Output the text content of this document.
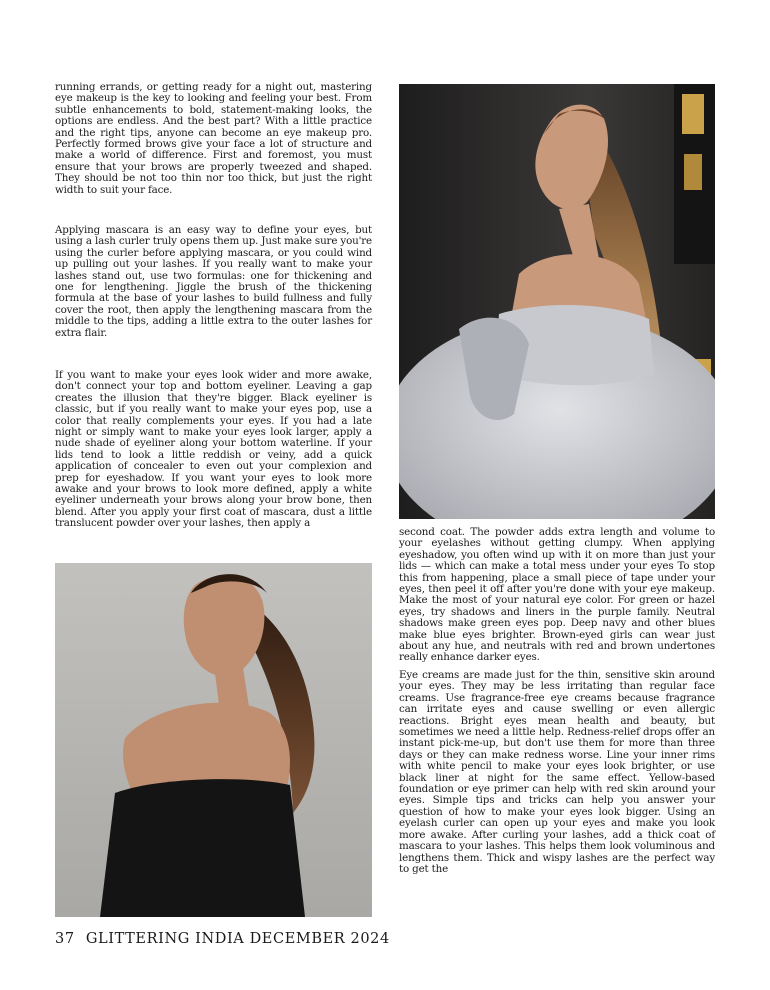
running errands, or getting ready for a night out, mastering eye makeup is the key to looking and feeling your best. From subtle enhancements to bold, statement-making looks, the options are endless. And the best part? With a little practice and the right tips, anyone can become an eye makeup pro. Perfectly formed brows give your face a lot of structure and make a world of difference. First and foremost, you must ensure that your brows are properly tweezed and shaped. They should be not too thin nor too thick, but just the right width to suit your face.

Applying mascara is an easy way to define your eyes, but using a lash curler truly opens them up. Just make sure you're using the curler before applying mascara, or you could wind up pulling out your lashes. If you really want to make your lashes stand out, use two formulas: one for thickening and one for lengthening. Jiggle the brush of the thickening formula at the base of your lashes to build fullness and fully cover the root, then apply the lengthening mascara from the middle to the tips, adding a little extra to the outer lashes for extra flair.

If you want to make your eyes look wider and more awake, don't connect your top and bottom eyeliner. Leaving a gap creates the illusion that they're bigger. Black eyeliner is classic, but if you really want to make your eyes pop, use a color that really complements your eyes. If you had a late night or simply want to make your eyes look larger, apply a nude shade of eyeliner along your bottom waterline. If your lids tend to look a little reddish or veiny, add a quick application of concealer to even out your complexion and prep for eyeshadow. If you want your eyes to look more awake and your brows to look more defined, apply a white eyeliner underneath your brows along your brow bone, then blend. After you apply your first coat of mascara, dust a little translucent powder over your lashes, then apply a

second coat. The powder adds extra length and volume to your eyelashes without getting clumpy. When applying eyeshadow, you often wind up with it on more than just your lids — which can make a total mess under your eyes To stop this from happening, place a small piece of tape under your eyes, then peel it off after you're done with your eye makeup. Make the most of your natural eye color. For green or hazel eyes, try shadows and liners in the purple family. Neutral shadows make green eyes pop. Deep navy and other blues make blue eyes brighter. Brown-eyed girls can wear just about any hue, and neutrals with red and brown undertones really enhance darker eyes.

Eye creams are made just for the thin, sensitive skin around your eyes. They may be less irritating than regular face creams. Use fragrance-free eye creams because fragrance can irritate eyes and cause swelling or even allergic reactions. Bright eyes mean health and beauty, but sometimes we need a little help. Redness-relief drops offer an instant pick-me-up, but don't use them for more than three days or they can make redness worse. Line your inner rims with white pencil to make your eyes look brighter, or use black liner at night for the same effect. Yellow-based foundation or eye primer can help with red skin around your eyes. Simple tips and tricks can help you answer your question of how to make your eyes look bigger. Using an eyelash curler can open up your eyes and make you look more awake. After curling your lashes, add a thick coat of mascara to your lashes. This helps them look voluminous and lengthens them. Thick and wispy lashes are the perfect way to get the

37 GLITTERING INDIA DECEMBER 2024
